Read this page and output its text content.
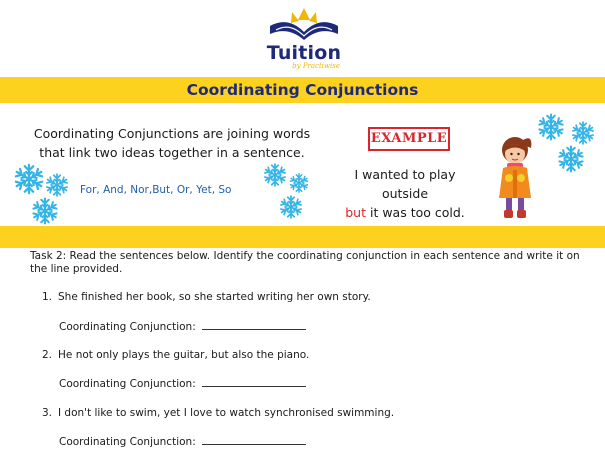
Tuition
by Practiwise
Coordinating Conjunctions
Coordinating Conjunctions are joining words that link two ideas together in a sentence.
For, And, Nor,But, Or, Yet, So
EXAMPLE
I wanted to play outside
but it was too cold.
Task 2: Read the sentences below. Identify the coordinating conjunction in each sentence and write it on the line provided.
1. She finished her book, so she started writing her own story.
Coordinating Conjunction:
2. He not only plays the guitar, but also the piano.
Coordinating Conjunction:
3. I don't like to swim, yet I love to watch synchronised swimming.
Coordinating Conjunction:
